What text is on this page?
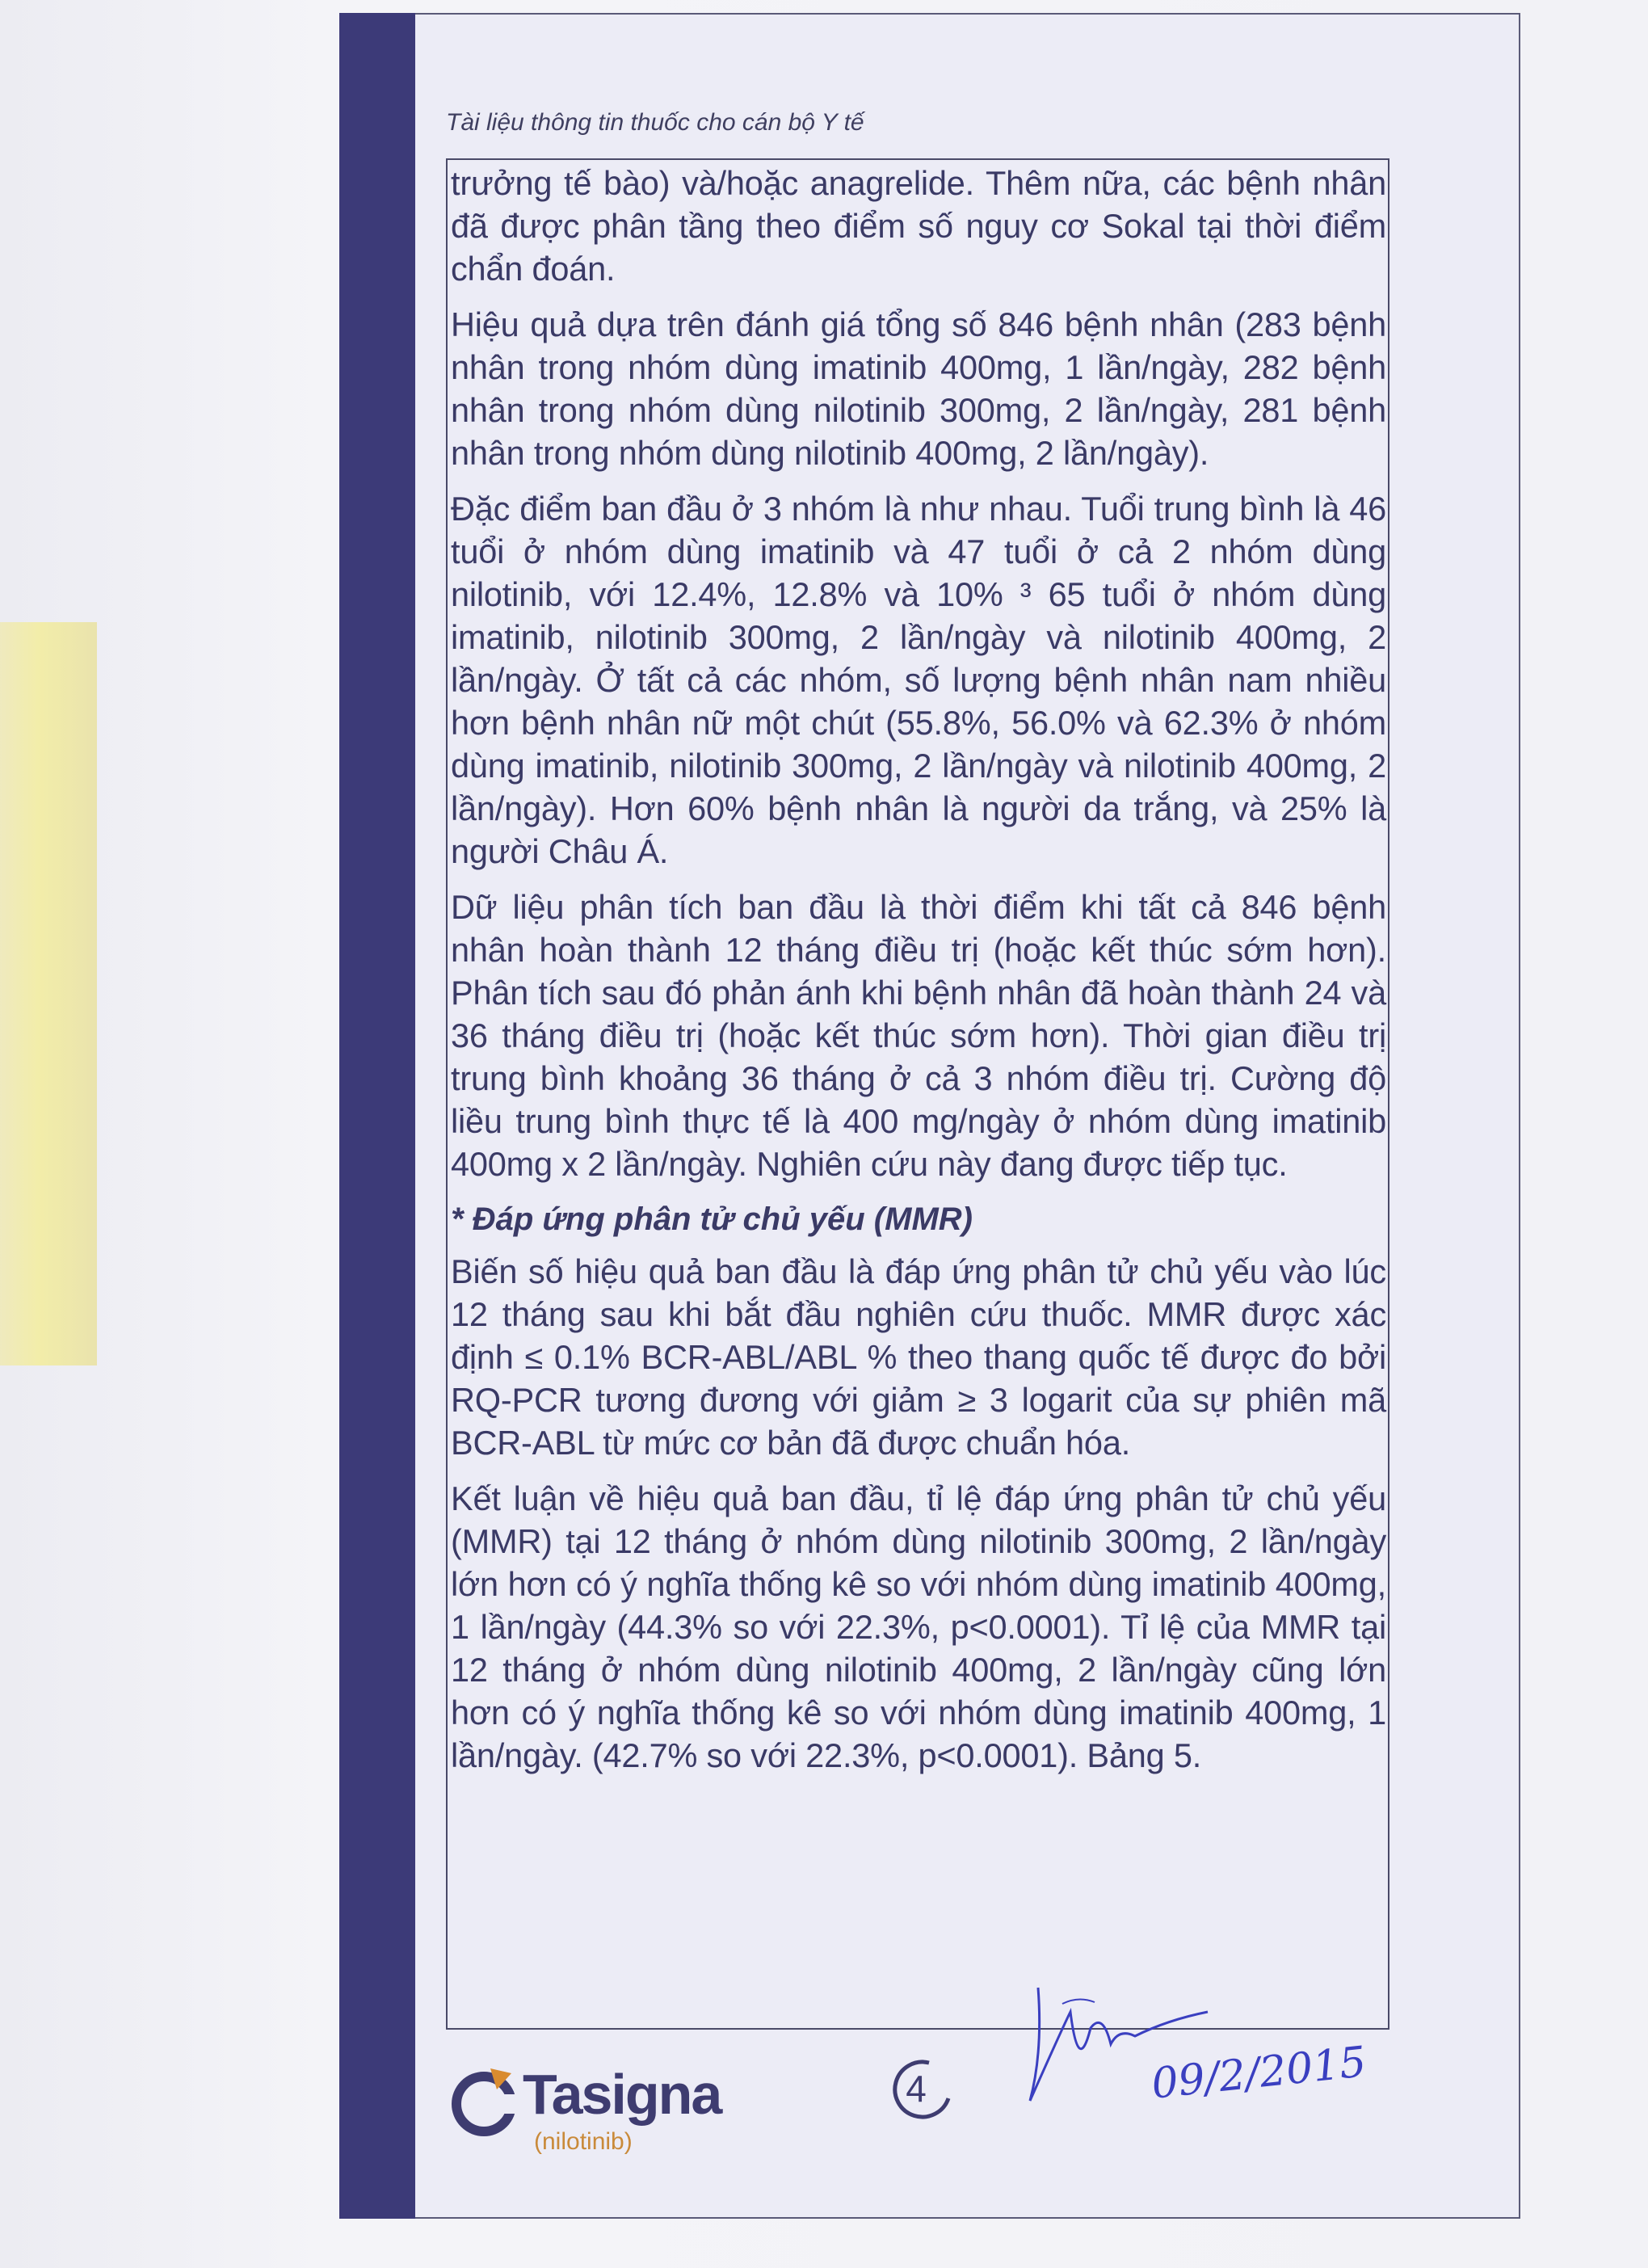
Tài liệu thông tin thuốc cho cán bộ Y tế

trưởng tế bào) và/hoặc anagrelide. Thêm nữa, các bệnh nhân đã được phân tầng theo điểm số nguy cơ Sokal tại thời điểm chẩn đoán.

Hiệu quả dựa trên đánh giá tổng số 846 bệnh nhân (283 bệnh nhân trong nhóm dùng imatinib 400mg, 1 lần/ngày, 282 bệnh nhân trong nhóm dùng nilotinib 300mg, 2 lần/ngày, 281 bệnh nhân trong nhóm dùng nilotinib 400mg, 2 lần/ngày).

Đặc điểm ban đầu ở 3 nhóm là như nhau. Tuổi trung bình là 46 tuổi ở nhóm dùng imatinib và 47 tuổi ở cả 2 nhóm dùng nilotinib, với 12.4%, 12.8% và 10% ³ 65 tuổi ở nhóm dùng imatinib, nilotinib 300mg, 2 lần/ngày và nilotinib 400mg, 2 lần/ngày. Ở tất cả các nhóm, số lượng bệnh nhân nam nhiều hơn bệnh nhân nữ một chút (55.8%, 56.0% và 62.3% ở nhóm dùng imatinib, nilotinib 300mg, 2 lần/ngày và nilotinib 400mg, 2 lần/ngày). Hơn 60% bệnh nhân là người da trắng, và 25% là người Châu Á.

Dữ liệu phân tích ban đầu là thời điểm khi tất cả 846 bệnh nhân hoàn thành 12 tháng điều trị (hoặc kết thúc sớm hơn). Phân tích sau đó phản ánh khi bệnh nhân đã hoàn thành 24 và 36 tháng điều trị (hoặc kết thúc sớm hơn). Thời gian điều trị trung bình khoảng 36 tháng ở cả 3 nhóm điều trị. Cường độ liều trung bình thực tế là 400 mg/ngày ở nhóm dùng imatinib 400mg x 2 lần/ngày. Nghiên cứu này đang được tiếp tục.

* Đáp ứng phân tử chủ yếu (MMR)

Biến số hiệu quả ban đầu là đáp ứng phân tử chủ yếu vào lúc 12 tháng sau khi bắt đầu nghiên cứu thuốc. MMR được xác định ≤ 0.1% BCR-ABL/ABL % theo thang quốc tế được đo bởi RQ-PCR tương đương với giảm ≥ 3 logarit của sự phiên mã BCR-ABL từ mức cơ bản đã được chuẩn hóa.

Kết luận về hiệu quả ban đầu, tỉ lệ đáp ứng phân tử chủ yếu (MMR) tại 12 tháng ở nhóm dùng nilotinib 300mg, 2 lần/ngày lớn hơn có ý nghĩa thống kê so với nhóm dùng imatinib 400mg, 1 lần/ngày (44.3% so với 22.3%, p<0.0001). Tỉ lệ của MMR tại 12 tháng ở nhóm dùng nilotinib 400mg, 2 lần/ngày cũng lớn hơn có ý nghĩa thống kê so với nhóm dùng imatinib 400mg, 1 lần/ngày. (42.7% so với 22.3%, p<0.0001). Bảng 5.

Tasigna

(nilotinib)

4	09/2/2015
